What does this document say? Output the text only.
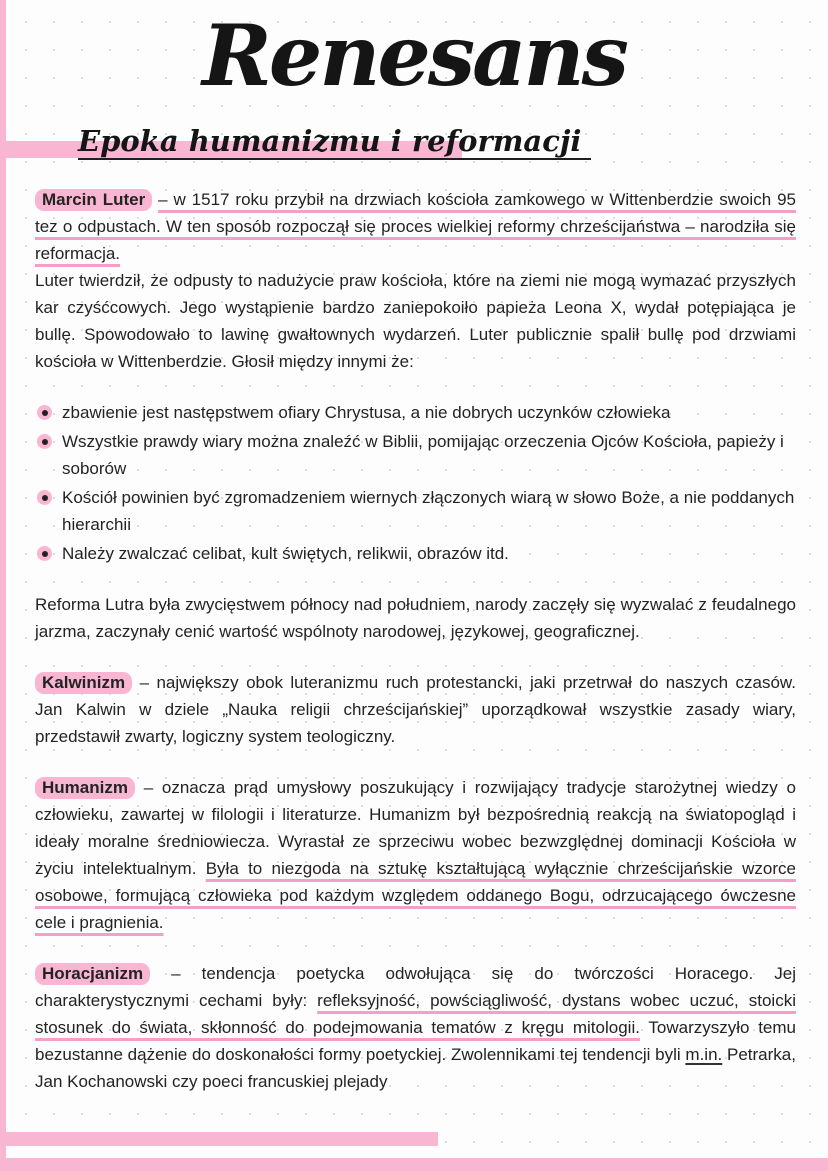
Renesans
Epoka humanizmu i reformacji

Marcin Luter – w 1517 roku przybił na drzwiach kościoła zamkowego w Wittenberdzie swoich 95 tez o odpustach. W ten sposób rozpoczął się proces wielkiej reformy chrześcijaństwa – narodziła się reformacja.

Luter twierdził, że odpusty to nadużycie praw kościoła, które na ziemi nie mogą wymazać przyszłych kar czyśćcowych. Jego wystąpienie bardzo zaniepokoiło papieża Leona X, wydał potępiająca je bullę. Spowodowało to lawinę gwałtownych wydarzeń. Luter publicznie spalił bullę pod drzwiami kościoła w Wittenberdzie. Głosił między innymi że:

zbawienie jest następstwem ofiary Chrystusa, a nie dobrych uczynków człowieka
Wszystkie prawdy wiary można znaleźć w Biblii, pomijając orzeczenia Ojców Kościoła, papieży i soborów
Kościół powinien być zgromadzeniem wiernych złączonych wiarą w słowo Boże, a nie poddanych hierarchii
Należy zwalczać celibat, kult świętych, relikwii, obrazów itd.

Reforma Lutra była zwycięstwem północy nad południem, narody zaczęły się wyzwalać z feudalnego jarzma, zaczynały cenić wartość wspólnoty narodowej, językowej, geograficznej.

Kalwinizm – największy obok luteranizmu ruch protestancki, jaki przetrwał do naszych czasów. Jan Kalwin w dziele „Nauka religii chrześcijańskiej” uporządkował wszystkie zasady wiary, przedstawił zwarty, logiczny system teologiczny.

Humanizm – oznacza prąd umysłowy poszukujący i rozwijający tradycje starożytnej wiedzy o człowieku, zawartej w filologii i literaturze. Humanizm był bezpośrednią reakcją na światopogląd i ideały moralne średniowiecza. Wyrastał ze sprzeciwu wobec bezwzględnej dominacji Kościoła w życiu intelektualnym. Była to niezgoda na sztukę kształtującą wyłącznie chrześcijańskie wzorce osobowe, formującą człowieka pod każdym względem oddanego Bogu, odrzucającego ówczesne cele i pragnienia.

Horacjanizm – tendencja poetycka odwołująca się do twórczości Horacego. Jej charakterystycznymi cechami były: refleksyjność, powściągliwość, dystans wobec uczuć, stoicki stosunek do świata, skłonność do podejmowania tematów z kręgu mitologii. Towarzyszyło temu bezustanne dążenie do doskonałości formy poetyckiej. Zwolennikami tej tendencji byli m.in. Petrarka, Jan Kochanowski czy poeci francuskiej plejady
